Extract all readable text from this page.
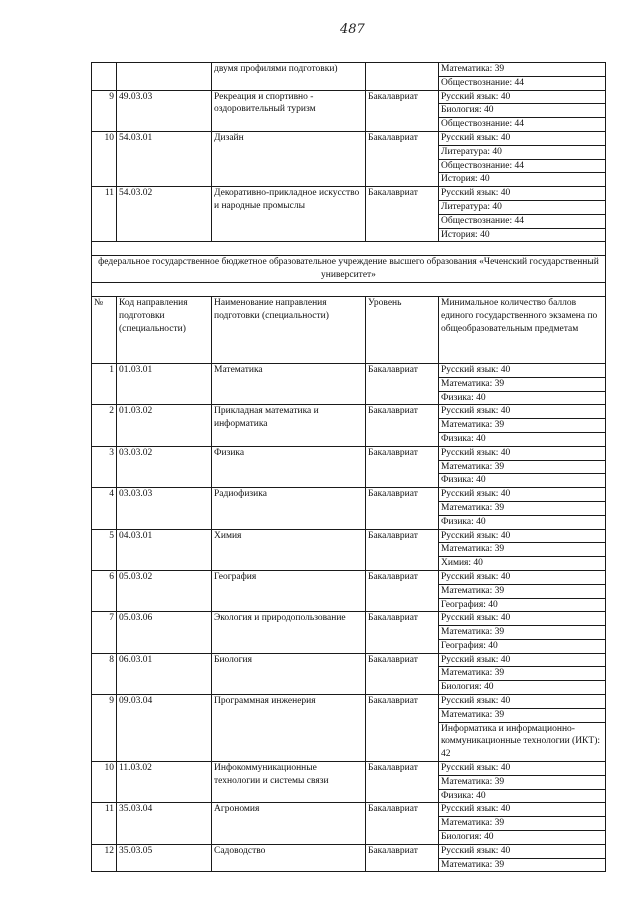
487
		двумя профилями подготовки)		Математика: 39
				Обществознание: 44
9	49.03.03	Рекреация и спортивно - оздоровительный туризм	Бакалавриат	Русский язык: 40
				Биология: 40
				Обществознание: 44
10	54.03.01	Дизайн	Бакалавриат	Русский язык: 40
				Литература: 40
				Обществознание: 44
				История: 40
11	54.03.02	Декоративно-прикладное искусство и народные промыслы	Бакалавриат	Русский язык: 40
				Литература: 40
				Обществознание: 44
				История: 40

федеральное государственное бюджетное образовательное учреждение высшего образования «Чеченский государственный университет»				

№	Код направления подготовки (специальности)	Наименование направления подготовки (специальности)	Уровень	Минимальное количество баллов единого государственного экзамена по общеобразовательным предметам
1	01.03.01	Математика	Бакалавриат	Русский язык: 40
				Математика: 39
				Физика: 40
2	01.03.02	Прикладная математика и информатика	Бакалавриат	Русский язык: 40
				Математика: 39
				Физика: 40
3	03.03.02	Физика	Бакалавриат	Русский язык: 40
				Математика: 39
				Физика: 40
4	03.03.03	Радиофизика	Бакалавриат	Русский язык: 40
				Математика: 39
				Физика: 40
5	04.03.01	Химия	Бакалавриат	Русский язык: 40
				Математика: 39
				Химия: 40
6	05.03.02	География	Бакалавриат	Русский язык: 40
				Математика: 39
				География: 40
7	05.03.06	Экология и природопользование	Бакалавриат	Русский язык: 40
				Математика: 39
				География: 40
8	06.03.01	Биология	Бакалавриат	Русский язык: 40
				Математика: 39
				Биология: 40
9	09.03.04	Программная инженерия	Бакалавриат	Русский язык: 40
				Математика: 39
				Информатика и информационно-коммуникационные технологии (ИКТ): 42
10	11.03.02	Инфокоммуникационные технологии и системы связи	Бакалавриат	Русский язык: 40
				Математика: 39
				Физика: 40
11	35.03.04	Агрономия	Бакалавриат	Русский язык: 40
				Математика: 39
				Биология: 40
12	35.03.05	Садоводство	Бакалавриат	Русский язык: 40
				Математика: 39
